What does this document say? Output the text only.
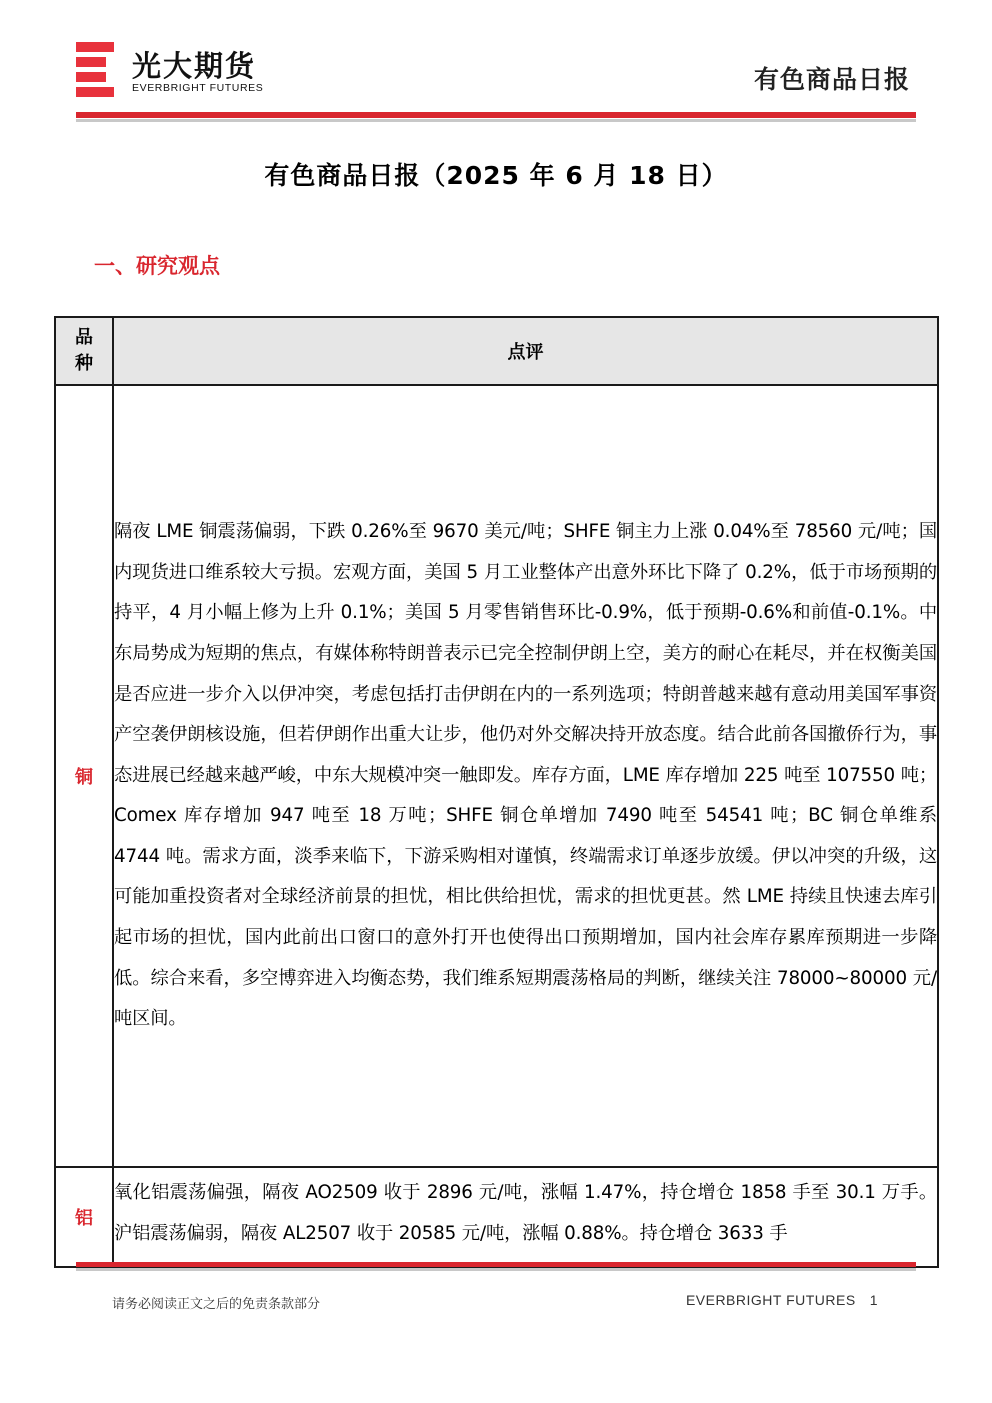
光大期货
EVERBRIGHT FUTURES	有色商品日报
有色商品日报（2025 年 6 月 18 日）
一、研究观点
品种	点评
铜	隔夜 LME 铜震荡偏弱，下跌 0.26%至 9670 美元/吨；SHFE 铜主力上涨 0.04%至 78560 元/吨；国内现货进口维系较大亏损。宏观方面，美国 5 月工业整体产出意外环比下降了 0.2%，低于市场预期的持平，4 月小幅上修为上升 0.1%；美国 5 月零售销售环比-0.9%，低于预期-0.6%和前值-0.1%。中东局势成为短期的焦点，有媒体称特朗普表示已完全控制伊朗上空，美方的耐心在耗尽，并在权衡美国是否应进一步介入以伊冲突，考虑包括打击伊朗在内的一系列选项；特朗普越来越有意动用美国军事资产空袭伊朗核设施，但若伊朗作出重大让步，他仍对外交解决持开放态度。结合此前各国撤侨行为，事态进展已经越来越严峻，中东大规模冲突一触即发。库存方面，LME 库存增加 225 吨至 107550 吨；Comex 库存增加 947 吨至 18 万吨；SHFE 铜仓单增加 7490 吨至 54541 吨；BC 铜仓单维系 4744 吨。需求方面，淡季来临下，下游采购相对谨慎，终端需求订单逐步放缓。伊以冲突的升级，这可能加重投资者对全球经济前景的担忧，相比供给担忧，需求的担忧更甚。然 LME 持续且快速去库引起市场的担忧，国内此前出口窗口的意外打开也使得出口预期增加，国内社会库存累库预期进一步降低。综合来看，多空博弈进入均衡态势，我们维系短期震荡格局的判断，继续关注 78000~80000 元/吨区间。
铝	氧化铝震荡偏强，隔夜 AO2509 收于 2896 元/吨，涨幅 1.47%，持仓增仓 1858 手至 30.1 万手。沪铝震荡偏弱，隔夜 AL2507 收于 20585 元/吨，涨幅 0.88%。持仓增仓 3633 手
请务必阅读正文之后的免责条款部分	EVERBRIGHT FUTURES 1
